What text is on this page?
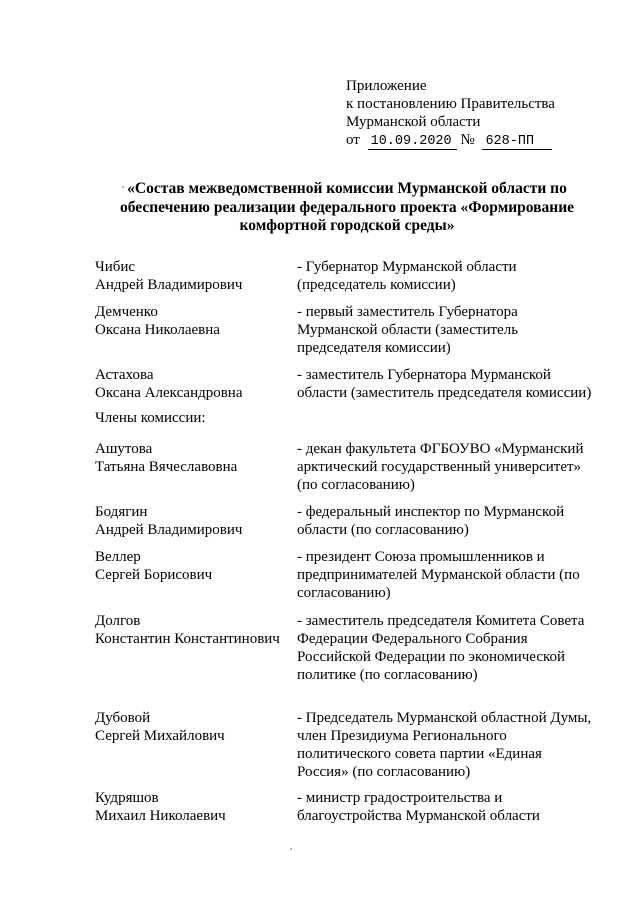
Приложение
к постановлению Правительства
Мурманской области
от 10.09.2020 № 628-ПП
«Состав межведомственной комиссии Мурманской области по
обеспечению реализации федерального проекта «Формирование
комфортной городской среды»
Чибис
Андрей Владимирович
- Губернатор Мурманской области
(председатель комиссии)
Демченко
Оксана Николаевна
- первый заместитель Губернатора
Мурманской области (заместитель
председателя комиссии)
Астахова
Оксана Александровна
- заместитель Губернатора Мурманской
области (заместитель председателя комиссии)
Члены комиссии:
Ашутова
Татьяна Вячеславовна
- декан факультета ФГБОУВО «Мурманский
арктический государственный университет»
(по согласованию)
Бодягин
Андрей Владимирович
- федеральный инспектор по Мурманской
области (по согласованию)
Веллер
Сергей Борисович
- президент Союза промышленников и
предпринимателей Мурманской области (по
согласованию)
Долгов
Константин Константинович
- заместитель председателя Комитета Совета
Федерации Федерального Собрания
Российской Федерации по экономической
политике (по согласованию)
Дубовой
Сергей Михайлович
- Председатель Мурманской областной Думы,
член Президиума Регионального
политического совета партии «Единая
Россия» (по согласованию)
Кудряшов
Михаил Николаевич
- министр градостроительства и
благоустройства Мурманской области
